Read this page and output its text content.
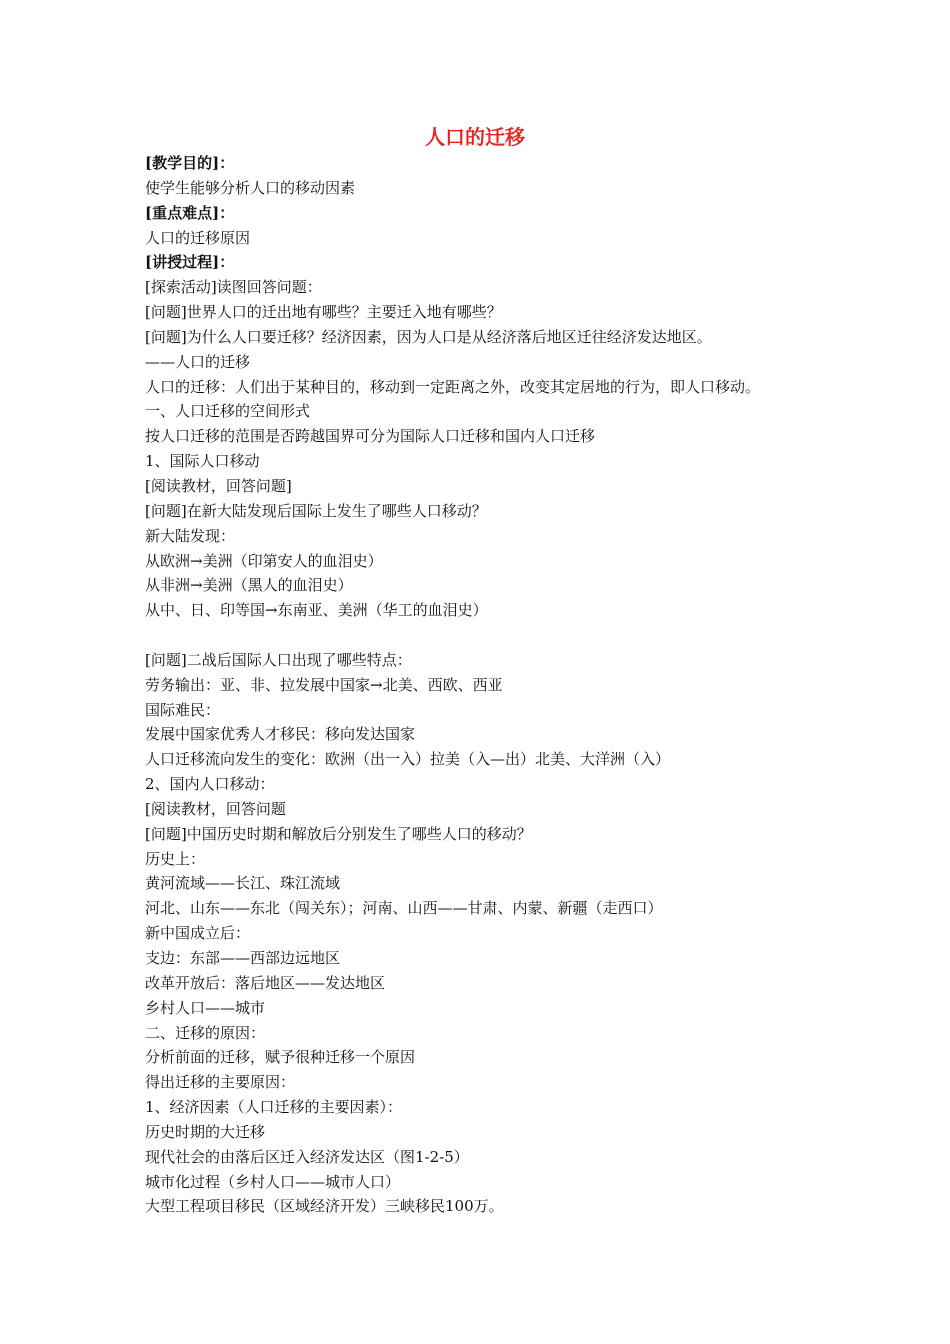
人口的迁移
[教学目的]：
使学生能够分析人口的移动因素
[重点难点]：
人口的迁移原因
[讲授过程]：
[探索活动]读图回答问题：
[问题]世界人口的迁出地有哪些？主要迁入地有哪些？
[问题]为什么人口要迁移？经济因素，因为人口是从经济落后地区迁往经济发达地区。
——人口的迁移
人口的迁移：人们出于某种目的，移动到一定距离之外，改变其定居地的行为，即人口移动。
一、人口迁移的空间形式
按人口迁移的范围是否跨越国界可分为国际人口迁移和国内人口迁移
1、国际人口移动
[阅读教材，回答问题]
[问题]在新大陆发现后国际上发生了哪些人口移动？
新大陆发现：
从欧洲→美洲（印第安人的血泪史）
从非洲→美洲（黑人的血泪史）
从中、日、印等国→东南亚、美洲（华工的血泪史）
[问题]二战后国际人口出现了哪些特点：
劳务输出：亚、非、拉发展中国家→北美、西欧、西亚
国际难民：
发展中国家优秀人才移民：移向发达国家
人口迁移流向发生的变化：欧洲（出一入）拉美（入—出）北美、大洋洲（入）
2、国内人口移动：
[阅读教材，回答问题
[问题]中国历史时期和解放后分别发生了哪些人口的移动？
历史上：
黄河流域——长江、珠江流域
河北、山东——东北（闯关东）；河南、山西——甘肃、内蒙、新疆（走西口）
新中国成立后：
支边：东部——西部边远地区
改革开放后：落后地区——发达地区
乡村人口——城市
二、迁移的原因：
分析前面的迁移，赋予很种迁移一个原因
得出迁移的主要原因：
1、经济因素（人口迁移的主要因素）：
历史时期的大迁移
现代社会的由落后区迁入经济发达区（图1-2-5）
城市化过程（乡村人口——城市人口）
大型工程项目移民（区域经济开发）三峡移民100万。
